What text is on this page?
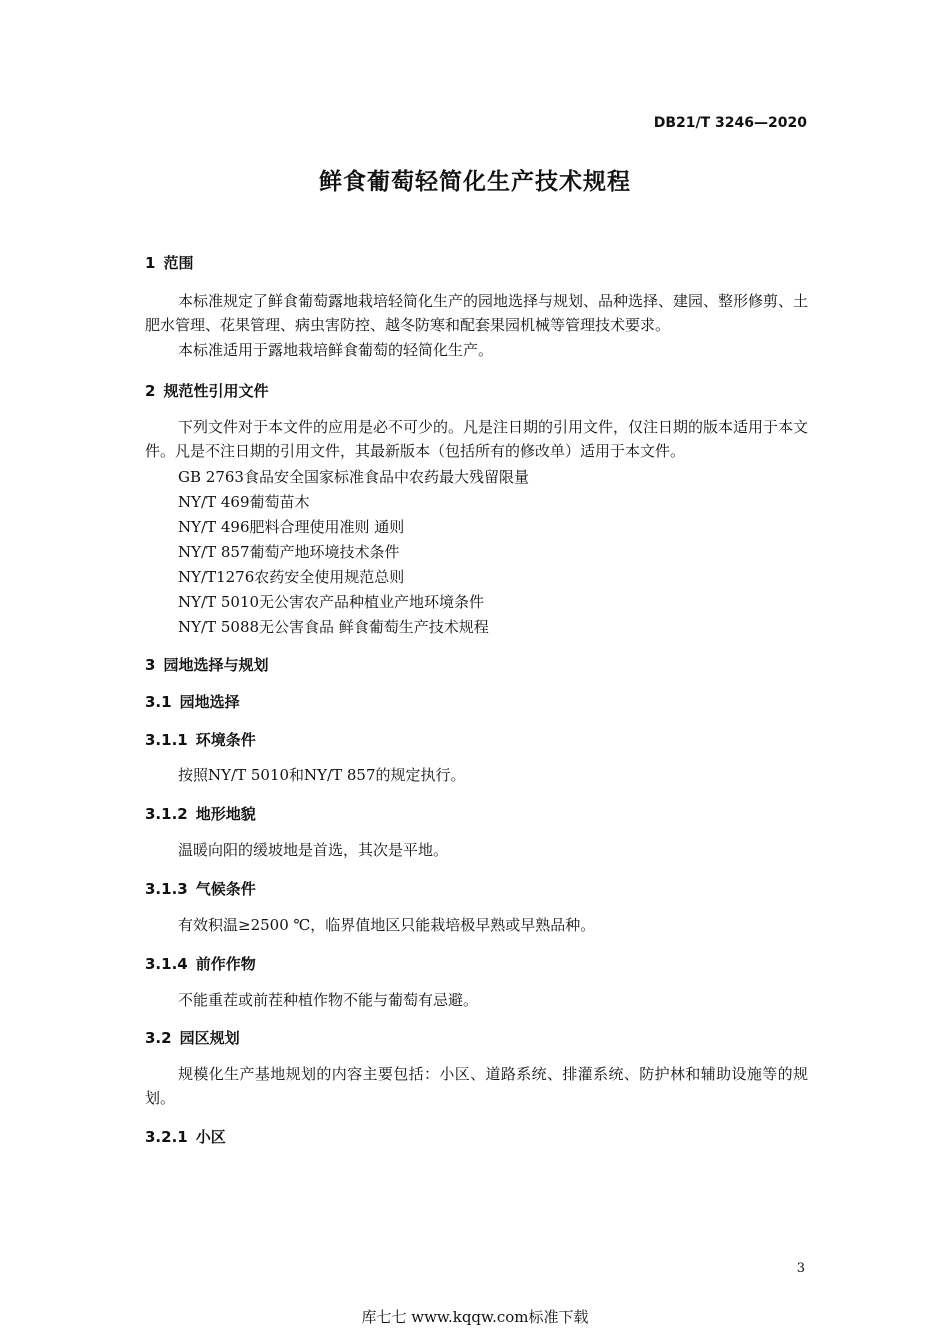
DB21/T 3246—2020
鲜食葡萄轻简化生产技术规程
1 范围
本标准规定了鲜食葡萄露地栽培轻简化生产的园地选择与规划、品种选择、建园、整形修剪、土肥水管理、花果管理、病虫害防控、越冬防寒和配套果园机械等管理技术要求。
本标准适用于露地栽培鲜食葡萄的轻简化生产。
2 规范性引用文件
下列文件对于本文件的应用是必不可少的。凡是注日期的引用文件，仅注日期的版本适用于本文件。凡是不注日期的引用文件，其最新版本（包括所有的修改单）适用于本文件。
GB 2763食品安全国家标准食品中农药最大残留限量
NY/T 469葡萄苗木
NY/T 496肥料合理使用准则 通则
NY/T 857葡萄产地环境技术条件
NY/T1276农药安全使用规范总则
NY/T 5010无公害农产品种植业产地环境条件
NY/T 5088无公害食品 鲜食葡萄生产技术规程
3 园地选择与规划
3.1 园地选择
3.1.1 环境条件
按照NY/T 5010和NY/T 857的规定执行。
3.1.2 地形地貌
温暖向阳的缓坡地是首选，其次是平地。
3.1.3 气候条件
有效积温≥2500 ℃，临界值地区只能栽培极早熟或早熟品种。
3.1.4 前作作物
不能重茬或前茬种植作物不能与葡萄有忌避。
3.2 园区规划
规模化生产基地规划的内容主要包括：小区、道路系统、排灌系统、防护林和辅助设施等的规划。
3.2.1 小区
3
库七七 www.kqqw.com标准下载
